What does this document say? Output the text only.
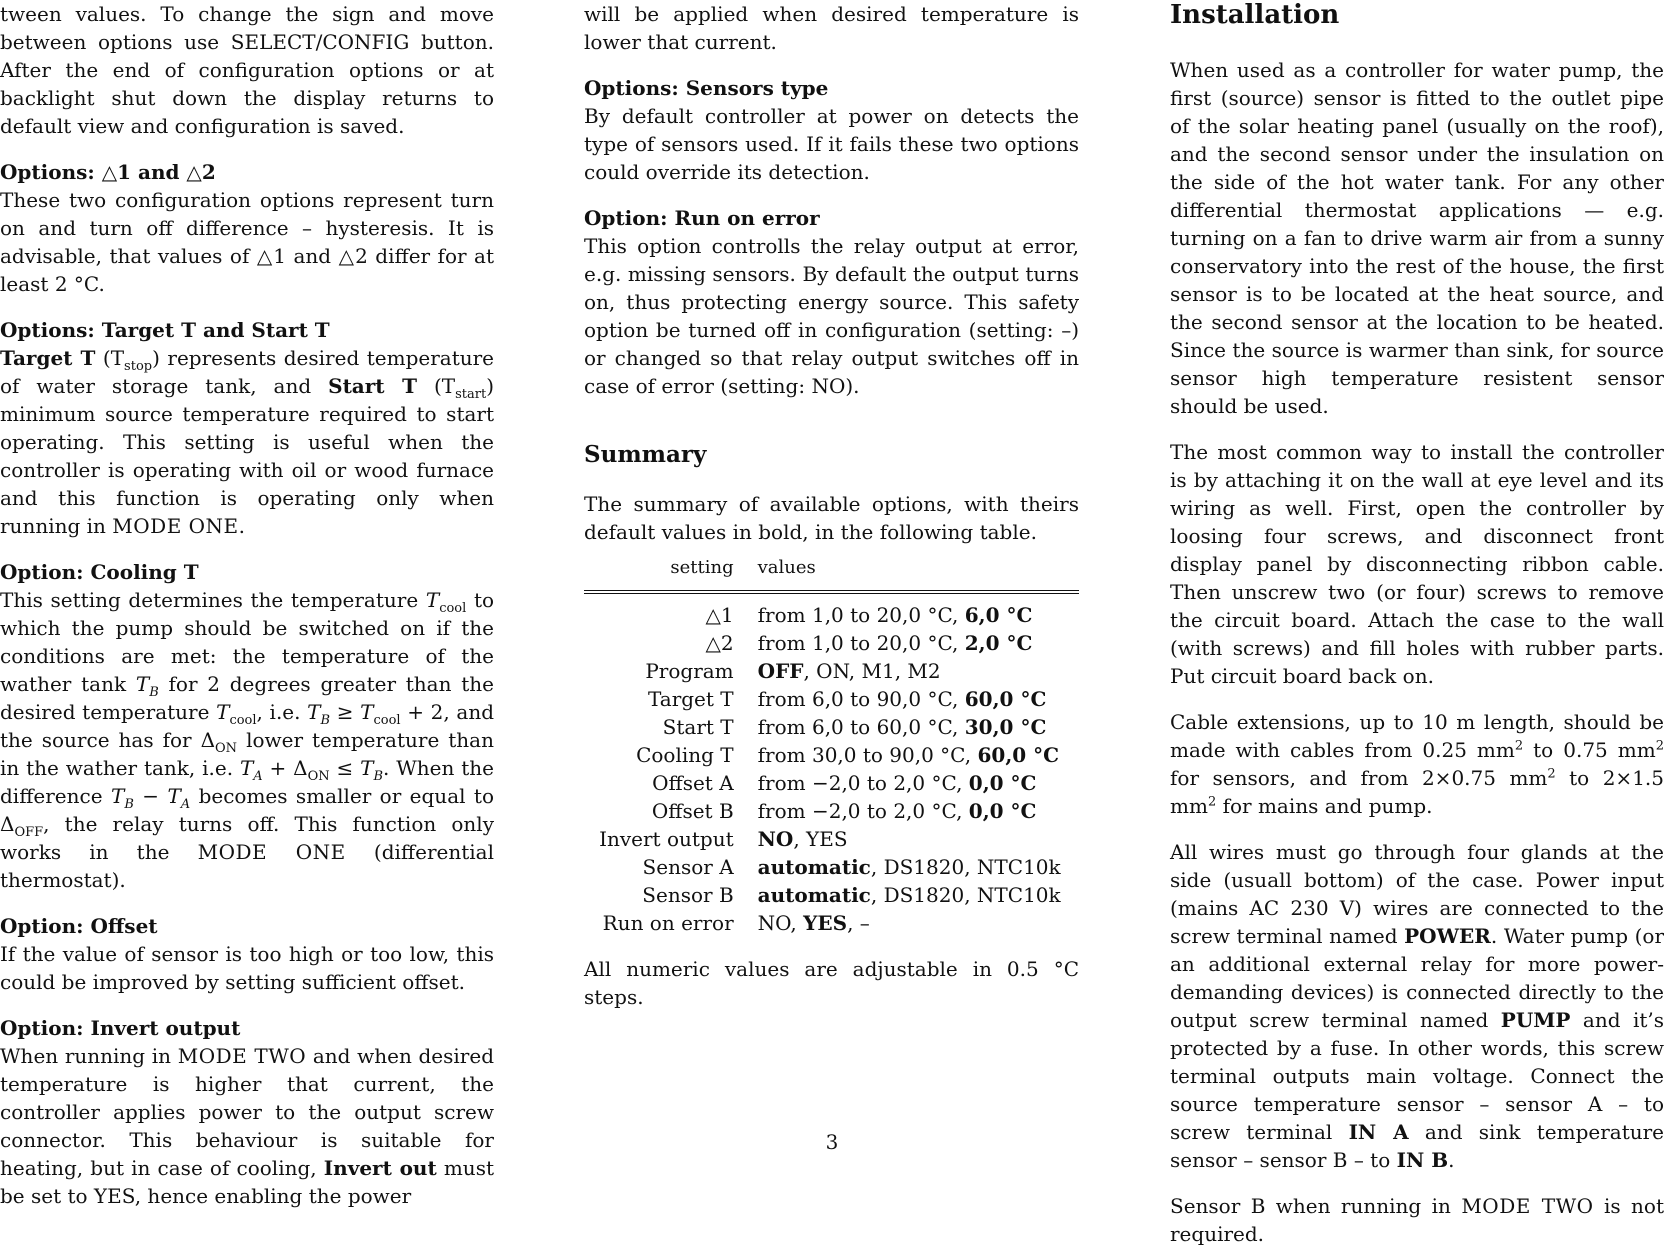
tween values. To change the sign and move between options use SELECT/CONFIG button. After the end of configuration options or at backlight shut down the display returns to default view and configuration is saved.

Options: △1 and △2

These two configuration options represent turn on and turn off difference – hysteresis. It is advisable, that values of △1 and △2 differ for at least 2 °C.

Options: Target T and Start T

Target T $(T_{stop})$ represents desired temperature of water storage tank, and Start T $(T_{start})$ minimum source temperature required to start operating. This setting is useful when the controller is operating with oil or wood furnace and this function is operating only when running in MODE ONE.

Option: Cooling T

This setting determines the temperature $T_{cool}$ to which the pump should be switched on if the conditions are met: the temperature of the wather tank $T_B$ for 2 degrees greater than the desired temperature $T_{cool}$, i.e. $T_B \ge T_{cool} + 2$, and the source has for $\Delta_{ON}$ lower temperature than in the wather tank, i.e. $T_A + \Delta_{ON} \le T_B$. When the difference $T_B - T_A$ becomes smaller or equal to $\Delta_{OFF}$, the relay turns off. This function only works in the MODE ONE (differential thermostat).

Option: Offset

If the value of sensor is too high or too low, this could be improved by setting sufficient offset.

Option: Invert output

When running in MODE TWO and when desired temperature is higher that current, the controller applies power to the output screw connector. This behaviour is suitable for heating, but in case of cooling, Invert out must be set to YES, hence enabling the power

will be applied when desired temperature is lower that current.

Options: Sensors type

By default controller at power on detects the type of sensors used. If it fails these two options could override its detection.

Option: Run on error

This option controlls the relay output at error, e.g. missing sensors. By default the output turns on, thus protecting energy source. This safety option be turned off in configuration (setting: –) or changed so that relay output switches off in case of error (setting: NO).

Summary

The summary of available options, with theirs default values in bold, in the following table.

setting	values
△1	from 1,0 to 20,0 °C, 6,0 °C
△2	from 1,0 to 20,0 °C, 2,0 °C
Program	OFF, ON, M1, M2
Target T	from 6,0 to 90,0 °C, 60,0 °C
Start T	from 6,0 to 60,0 °C, 30,0 °C
Cooling T	from 30,0 to 90,0 °C, 60,0 °C
Offset A	from −2,0 to 2,0 °C, 0,0 °C
Offset B	from −2,0 to 2,0 °C, 0,0 °C
Invert output	NO, YES
Sensor A	automatic, DS1820, NTC10k
Sensor B	automatic, DS1820, NTC10k
Run on error	NO, YES, –

All numeric values are adjustable in 0.5 °C steps.

Installation

When used as a controller for water pump, the first (source) sensor is fitted to the outlet pipe of the solar heating panel (usually on the roof), and the second sensor under the insulation on the side of the hot water tank. For any other differential thermostat applications — e.g. turning on a fan to drive warm air from a sunny conservatory into the rest of the house, the first sensor is to be located at the heat source, and the second sensor at the location to be heated. Since the source is warmer than sink, for source sensor high temperature resistent sensor should be used.

The most common way to install the controller is by attaching it on the wall at eye level and its wiring as well. First, open the controller by loosing four screws, and disconnect front display panel by disconnecting ribbon cable. Then unscrew two (or four) screws to remove the circuit board. Attach the case to the wall (with screws) and fill holes with rubber parts. Put circuit board back on.

Cable extensions, up to 10 m length, should be made with cables from 0.25 $mm^2$ to 0.75 $mm^2$ for sensors, and from 2×0.75 $mm^2$ to 2×1.5 $mm^2$ for mains and pump.

All wires must go through four glands at the side (usuall bottom) of the case. Power input (mains AC 230 V) wires are connected to the screw terminal named POWER. Water pump (or an additional external relay for more power-demanding devices) is connected directly to the output screw terminal named PUMP and it’s protected by a fuse. In other words, this screw terminal outputs main voltage. Connect the source temperature sensor – sensor A – to screw terminal IN A and sink temperature sensor – sensor B – to IN B.

Sensor B when running in MODE TWO is not required.

3
